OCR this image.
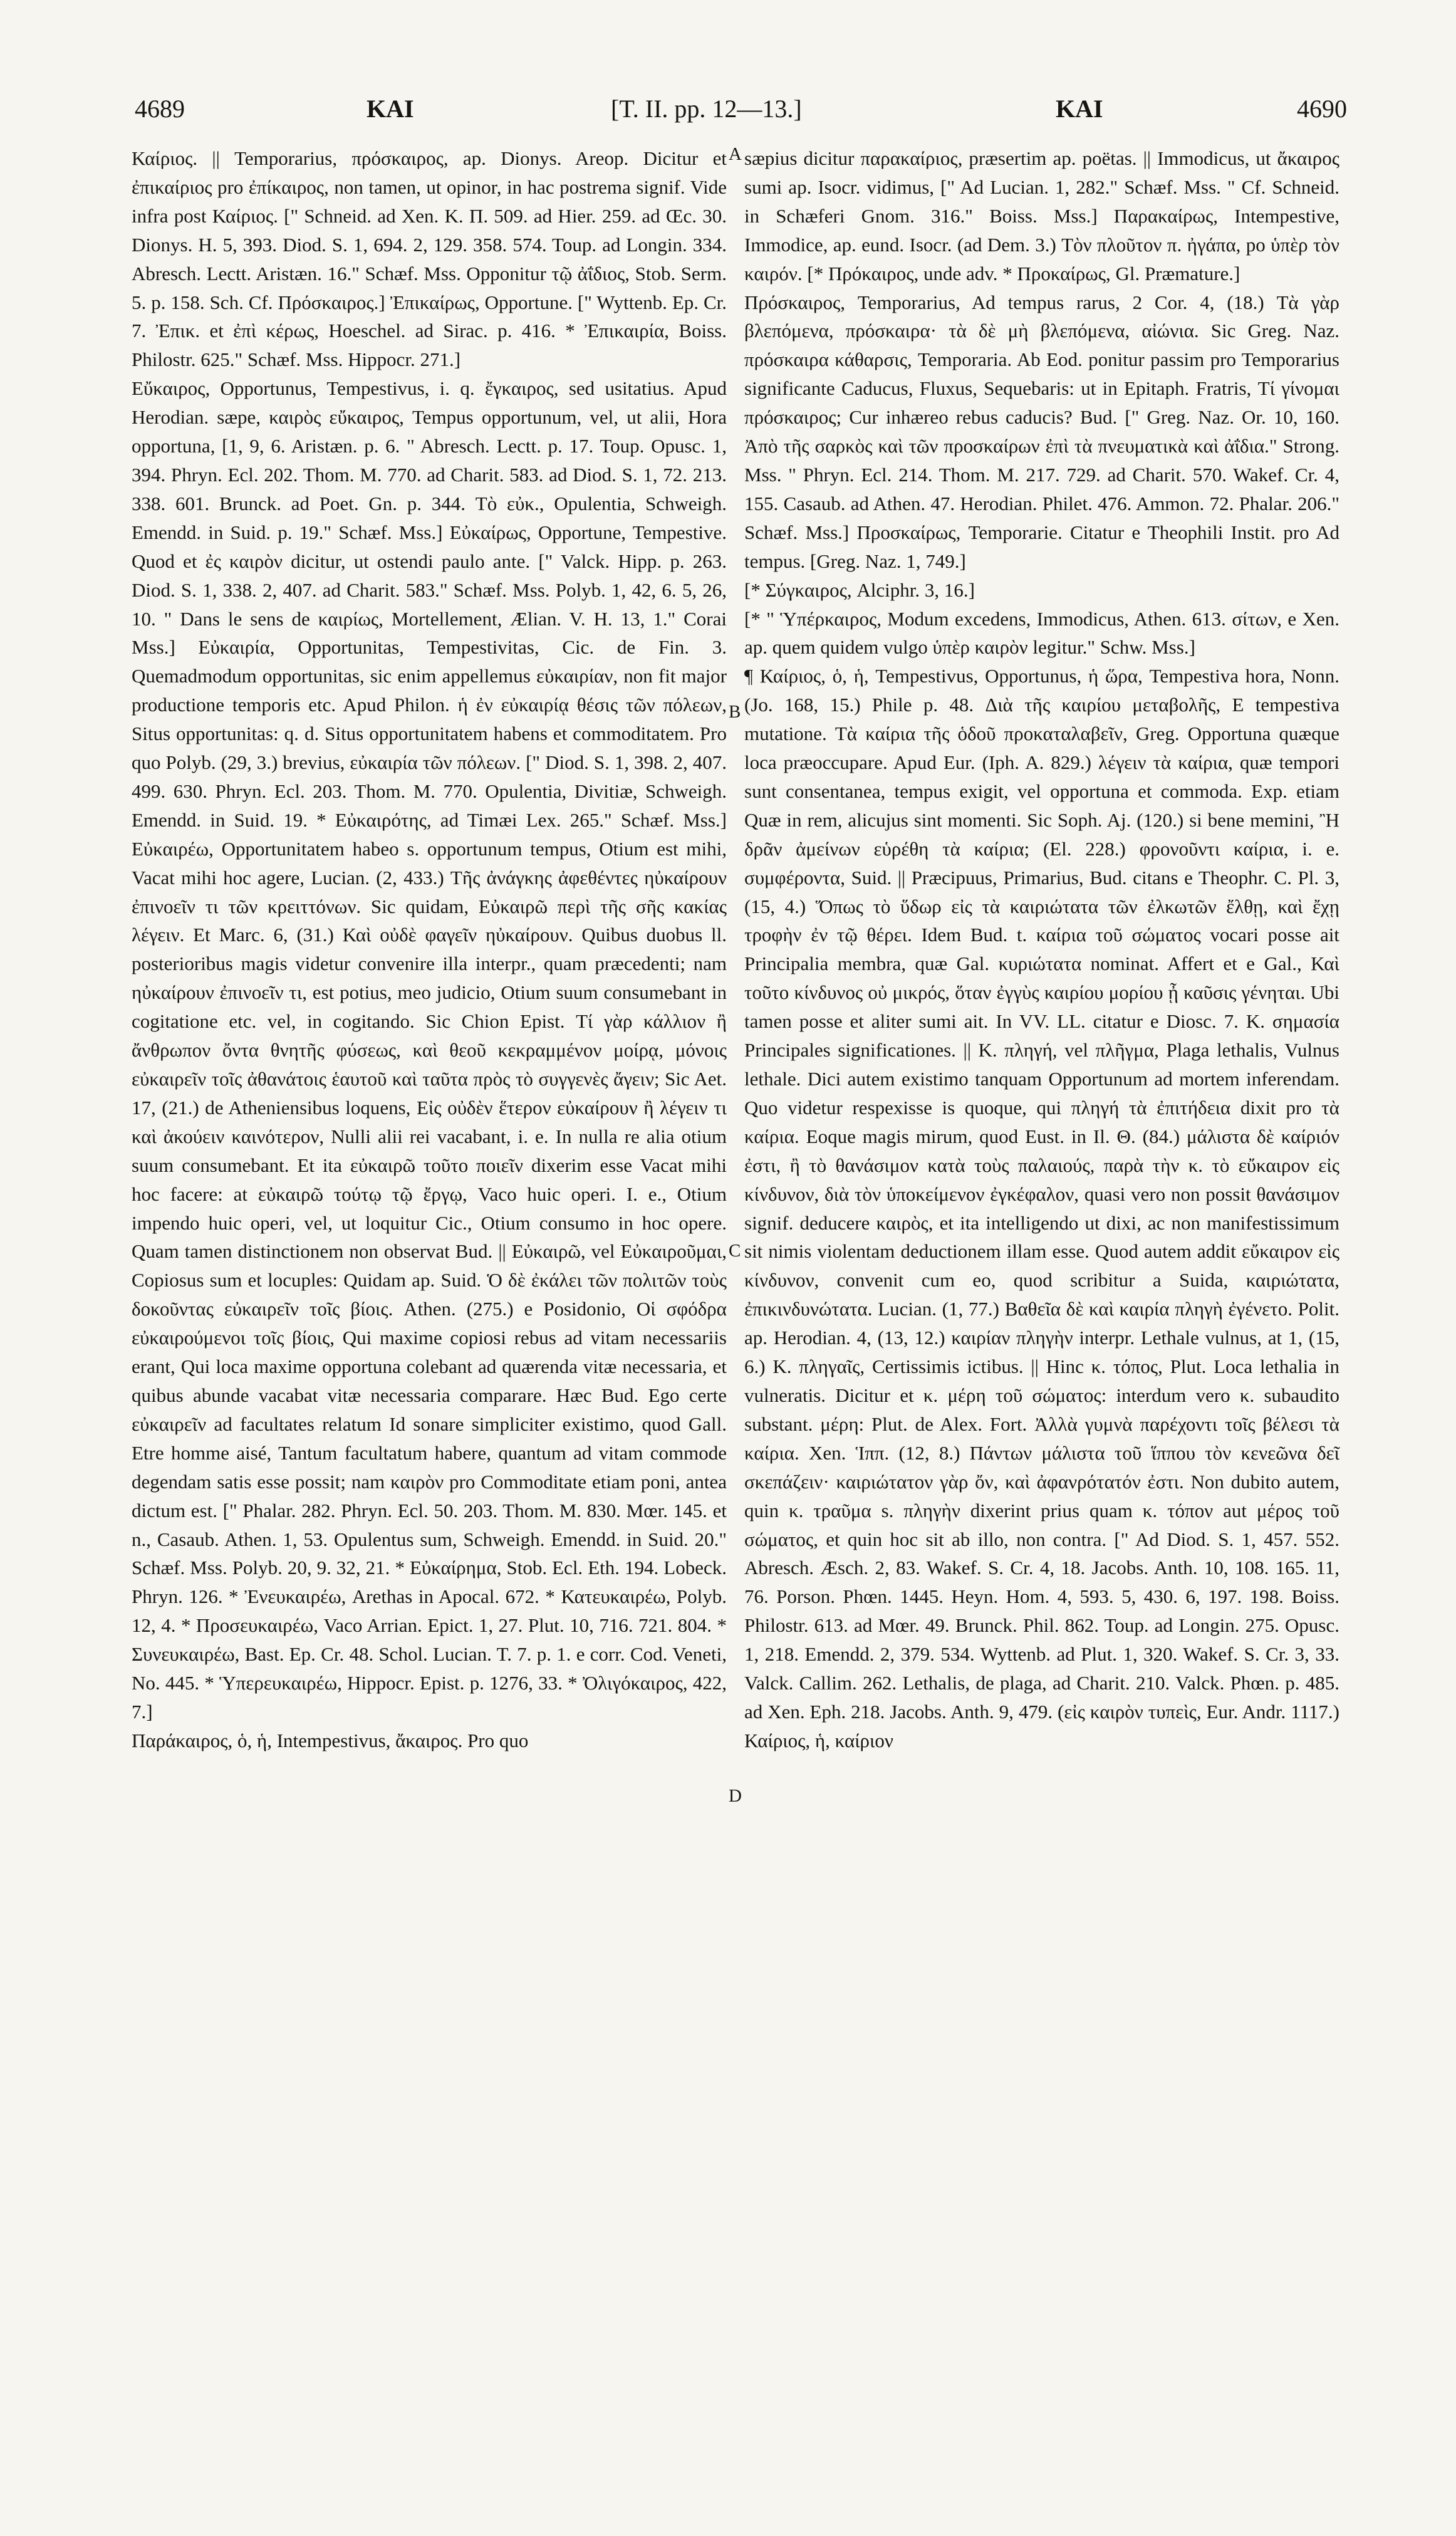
4689	KAI	[T. II. pp. 12—13.]	KAI	4690
A
B
C
D

Καίριος. || Temporarius, πρόσκαιρος, ap. Dionys. Areop. Dicitur et ἐπικαίριος pro ἐπίκαιρος, non tamen, ut opinor, in hac postrema signif. Vide infra post Καίριος. [" Schneid. ad Xen. K. Π. 509. ad Hier. 259. ad Œc. 30. Dionys. H. 5, 393. Diod. S. 1, 694. 2, 129. 358. 574. Toup. ad Longin. 334. Abresch. Lectt. Aristæn. 16." Schæf. Mss. Opponitur τῷ ἀΐδιος, Stob. Serm. 5. p. 158. Sch. Cf. Πρόσκαιρος.] Ἐπικαίρως, Opportune. [" Wyttenb. Ep. Cr. 7. Ἐπικ. et ἐπὶ κέρως, Hoeschel. ad Sirac. p. 416. * Ἐπικαιρία, Boiss. Philostr. 625." Schæf. Mss. Hippocr. 271.]

Εὔκαιρος, Opportunus, Tempestivus, i. q. ἔγκαιρος, sed usitatius. Apud Herodian. sæpe, καιρὸς εὔκαιρος, Tempus opportunum, vel, ut alii, Hora opportuna, [1, 9, 6. Aristæn. p. 6. " Abresch. Lectt. p. 17. Toup. Opusc. 1, 394. Phryn. Ecl. 202. Thom. M. 770. ad Charit. 583. ad Diod. S. 1, 72. 213. 338. 601. Brunck. ad Poet. Gn. p. 344. Τὸ εὐκ., Opulentia, Schweigh. Emendd. in Suid. p. 19." Schæf. Mss.] Εὐκαίρως, Opportune, Tempestive. Quod et ἐς καιρὸν dicitur, ut ostendi paulo ante. [" Valck. Hipp. p. 263. Diod. S. 1, 338. 2, 407. ad Charit. 583." Schæf. Mss. Polyb. 1, 42, 6. 5, 26, 10. " Dans le sens de καιρίως, Mortellement, Ælian. V. H. 13, 1." Corai Mss.] Εὐκαιρία, Opportunitas, Tempestivitas, Cic. de Fin. 3. Quemadmodum opportunitas, sic enim appellemus εὐκαιρίαν, non fit major productione temporis etc. Apud Philon. ἡ ἐν εὐκαιρίᾳ θέσις τῶν πόλεων, Situs opportunitas: q. d. Situs opportunitatem habens et commoditatem. Pro quo Polyb. (29, 3.) brevius, εὐκαιρία τῶν πόλεων. [" Diod. S. 1, 398. 2, 407. 499. 630. Phryn. Ecl. 203. Thom. M. 770. Opulentia, Divitiæ, Schweigh. Emendd. in Suid. 19. * Εὐκαιρότης, ad Timæi Lex. 265." Schæf. Mss.] Εὐκαιρέω, Opportunitatem habeo s. opportunum tempus, Otium est mihi, Vacat mihi hoc agere, Lucian. (2, 433.) Τῆς ἀνάγκης ἀφεθέντες ηὐκαίρουν ἐπινοεῖν τι τῶν κρειττόνων. Sic quidam, Εὐκαιρῶ περὶ τῆς σῆς κακίας λέγειν. Et Marc. 6, (31.) Καὶ οὐδὲ φαγεῖν ηὐκαίρουν. Quibus duobus ll. posterioribus magis videtur convenire illa interpr., quam præcedenti; nam ηὐκαίρουν ἐπινοεῖν τι, est potius, meo judicio, Otium suum consumebant in cogitatione etc. vel, in cogitando. Sic Chion Epist. Τί γὰρ κάλλιον ἢ ἄνθρωπον ὄντα θνητῆς φύσεως, καὶ θεοῦ κεκραμμένον μοίρᾳ, μόνοις εὐκαιρεῖν τοῖς ἀθανάτοις ἑαυτοῦ καὶ ταῦτα πρὸς τὸ συγγενὲς ἄγειν; Sic Aet. 17, (21.) de Atheniensibus loquens, Εἰς οὐδὲν ἕτερον εὐκαίρουν ἢ λέγειν τι καὶ ἀκούειν καινότερον, Nulli alii rei vacabant, i. e. In nulla re alia otium suum consumebant. Et ita εὐκαιρῶ τοῦτο ποιεῖν dixerim esse Vacat mihi hoc facere: at εὐκαιρῶ τούτῳ τῷ ἔργῳ, Vaco huic operi. I. e., Otium impendo huic operi, vel, ut loquitur Cic., Otium consumo in hoc opere. Quam tamen distinctionem non observat Bud. || Εὐκαιρῶ, vel Εὐκαιροῦμαι, Copiosus sum et locuples: Quidam ap. Suid. Ὁ δὲ ἐκάλει τῶν πολιτῶν τοὺς δοκοῦντας εὐκαιρεῖν τοῖς βίοις. Athen. (275.) e Posidonio, Οἱ σφόδρα εὐκαιρούμενοι τοῖς βίοις, Qui maxime copiosi rebus ad vitam necessariis erant, Qui loca maxime opportuna colebant ad quærenda vitæ necessaria, et quibus abunde vacabat vitæ necessaria comparare. Hæc Bud. Ego certe εὐκαιρεῖν ad facultates relatum Id sonare simpliciter existimo, quod Gall. Etre homme aisé, Tantum facultatum habere, quantum ad vitam commode degendam satis esse possit; nam καιρὸν pro Commoditate etiam poni, antea dictum est. [" Phalar. 282. Phryn. Ecl. 50. 203. Thom. M. 830. Mœr. 145. et n., Casaub. Athen. 1, 53. Opulentus sum, Schweigh. Emendd. in Suid. 20." Schæf. Mss. Polyb. 20, 9. 32, 21. * Εὐκαίρημα, Stob. Ecl. Eth. 194. Lobeck. Phryn. 126. * Ἐνευκαιρέω, Arethas in Apocal. 672. * Κατευκαιρέω, Polyb. 12, 4. * Προσευκαιρέω, Vaco Arrian. Epict. 1, 27. Plut. 10, 716. 721. 804. * Συνευκαιρέω, Bast. Ep. Cr. 48. Schol. Lucian. T. 7. p. 1. e corr. Cod. Veneti, No. 445. * Ὑπερευκαιρέω, Hippocr. Epist. p. 1276, 33. * Ὀλιγόκαιρος, 422, 7.]

Παράκαιρος, ὁ, ἡ, Intempestivus, ἄκαιρος. Pro quo

sæpius dicitur παρακαίριος, præsertim ap. poëtas. || Immodicus, ut ἄκαιρος sumi ap. Isocr. vidimus, [" Ad Lucian. 1, 282." Schæf. Mss. " Cf. Schneid. in Schæferi Gnom. 316." Boiss. Mss.] Παρακαίρως, Intempestive, Immodice, ap. eund. Isocr. (ad Dem. 3.) Τὸν πλοῦτον π. ἠγάπα, po ὑπὲρ τὸν καιρόν. [* Πρόκαιρος, unde adv. * Προκαίρως, Gl. Præmature.]

Πρόσκαιρος, Temporarius, Ad tempus rarus, 2 Cor. 4, (18.) Τὰ γὰρ βλεπόμενα, πρόσκαιρα· τὰ δὲ μὴ βλεπόμενα, αἰώνια. Sic Greg. Naz. πρόσκαιρα κάθαρσις, Temporaria. Ab Eod. ponitur passim pro Temporarius significante Caducus, Fluxus, Sequebaris: ut in Epitaph. Fratris, Τί γίνομαι πρόσκαιρος; Cur inhæreo rebus caducis? Bud. [" Greg. Naz. Or. 10, 160. Ἀπὸ τῆς σαρκὸς καὶ τῶν προσκαίρων ἐπὶ τὰ πνευματικὰ καὶ ἀΐδια." Strong. Mss. " Phryn. Ecl. 214. Thom. M. 217. 729. ad Charit. 570. Wakef. Cr. 4, 155. Casaub. ad Athen. 47. Herodian. Philet. 476. Ammon. 72. Phalar. 206." Schæf. Mss.] Προσκαίρως, Temporarie. Citatur e Theophili Instit. pro Ad tempus. [Greg. Naz. 1, 749.]

[* Σύγκαιρος, Alciphr. 3, 16.]

[* " Ὑπέρκαιρος, Modum excedens, Immodicus, Athen. 613. σίτων, e Xen. ap. quem quidem vulgo ὑπὲρ καιρὸν legitur." Schw. Mss.]

¶ Καίριος, ὁ, ἡ, Tempestivus, Opportunus, ἡ ὥρα, Tempestiva hora, Nonn. (Jo. 168, 15.) Phile p. 48. Διὰ τῆς καιρίου μεταβολῆς, E tempestiva mutatione. Τὰ καίρια τῆς ὁδοῦ προκαταλαβεῖν, Greg. Opportuna quæque loca præoccupare. Apud Eur. (Iph. A. 829.) λέγειν τὰ καίρια, quæ tempori sunt consentanea, tempus exigit, vel opportuna et commoda. Exp. etiam Quæ in rem, alicujus sint momenti. Sic Soph. Aj. (120.) si bene memini, Ἢ δρᾶν ἀμείνων εὑρέθη τὰ καίρια; (El. 228.) φρονοῦντι καίρια, i. e. συμφέροντα, Suid. || Præcipuus, Primarius, Bud. citans e Theophr. C. Pl. 3, (15, 4.) Ὅπως τὸ ὕδωρ εἰς τὰ καιριώτατα τῶν ἐλκωτῶν ἔλθῃ, καὶ ἔχῃ τροφὴν ἐν τῷ θέρει. Idem Bud. t. καίρια τοῦ σώματος vocari posse ait Principalia membra, quæ Gal. κυριώτατα nominat. Affert et e Gal., Καὶ τοῦτο κίνδυνος οὐ μικρός, ὅταν ἐγγὺς καιρίου μορίου ᾖ καῦσις γένηται. Ubi tamen posse et aliter sumi ait. In VV. LL. citatur e Diosc. 7. K. σημασία Principales significationes. || K. πληγή, vel πλῆγμα, Plaga lethalis, Vulnus lethale. Dici autem existimo tanquam Opportunum ad mortem inferendam. Quo videtur respexisse is quoque, qui πληγή τὰ ἐπιτήδεια dixit pro τὰ καίρια. Eoque magis mirum, quod Eust. in Il. Θ. (84.) μάλιστα δὲ καίριόν ἐστι, ἢ τὸ θανάσιμον κατὰ τοὺς παλαιούς, παρὰ τὴν κ. τὸ εὔκαιρον εἰς κίνδυνον, διὰ τὸν ὑποκείμενον ἐγκέφαλον, quasi vero non possit θανάσιμον signif. deducere καιρὸς, et ita intelligendo ut dixi, ac non manifestissimum sit nimis violentam deductionem illam esse. Quod autem addit εὔκαιρον εἰς κίνδυνον, convenit cum eo, quod scribitur a Suida, καιριώτατα, ἐπικινδυνώτατα. Lucian. (1, 77.) Βαθεῖα δὲ καὶ καιρία πληγὴ ἐγένετο. Polit. ap. Herodian. 4, (13, 12.) καιρίαν πληγὴν interpr. Lethale vulnus, at 1, (15, 6.) K. πληγαῖς, Certissimis ictibus. || Hinc κ. τόπος, Plut. Loca lethalia in vulneratis. Dicitur et κ. μέρη τοῦ σώματος: interdum vero κ. subaudito substant. μέρη: Plut. de Alex. Fort. Ἀλλὰ γυμνὰ παρέχοντι τοῖς βέλεσι τὰ καίρια. Xen. Ἱππ. (12, 8.) Πάντων μάλιστα τοῦ ἵππου τὸν κενεῶνα δεῖ σκεπάζειν· καιριώτατον γὰρ ὄν, καὶ ἀφανρότατόν ἐστι. Non dubito autem, quin κ. τραῦμα s. πληγὴν dixerint prius quam κ. τόπον aut μέρος τοῦ σώματος, et quin hoc sit ab illo, non contra. [" Ad Diod. S. 1, 457. 552. Abresch. Æsch. 2, 83. Wakef. S. Cr. 4, 18. Jacobs. Anth. 10, 108. 165. 11, 76. Porson. Phœn. 1445. Heyn. Hom. 4, 593. 5, 430. 6, 197. 198. Boiss. Philostr. 613. ad Mœr. 49. Brunck. Phil. 862. Toup. ad Longin. 275. Opusc. 1, 218. Emendd. 2, 379. 534. Wyttenb. ad Plut. 1, 320. Wakef. S. Cr. 3, 33. Valck. Callim. 262. Lethalis, de plaga, ad Charit. 210. Valck. Phœn. p. 485. ad Xen. Eph. 218. Jacobs. Anth. 9, 479. (εἰς καιρὸν τυπεὶς, Eur. Andr. 1117.) Καίριος, ἡ, καίριον
